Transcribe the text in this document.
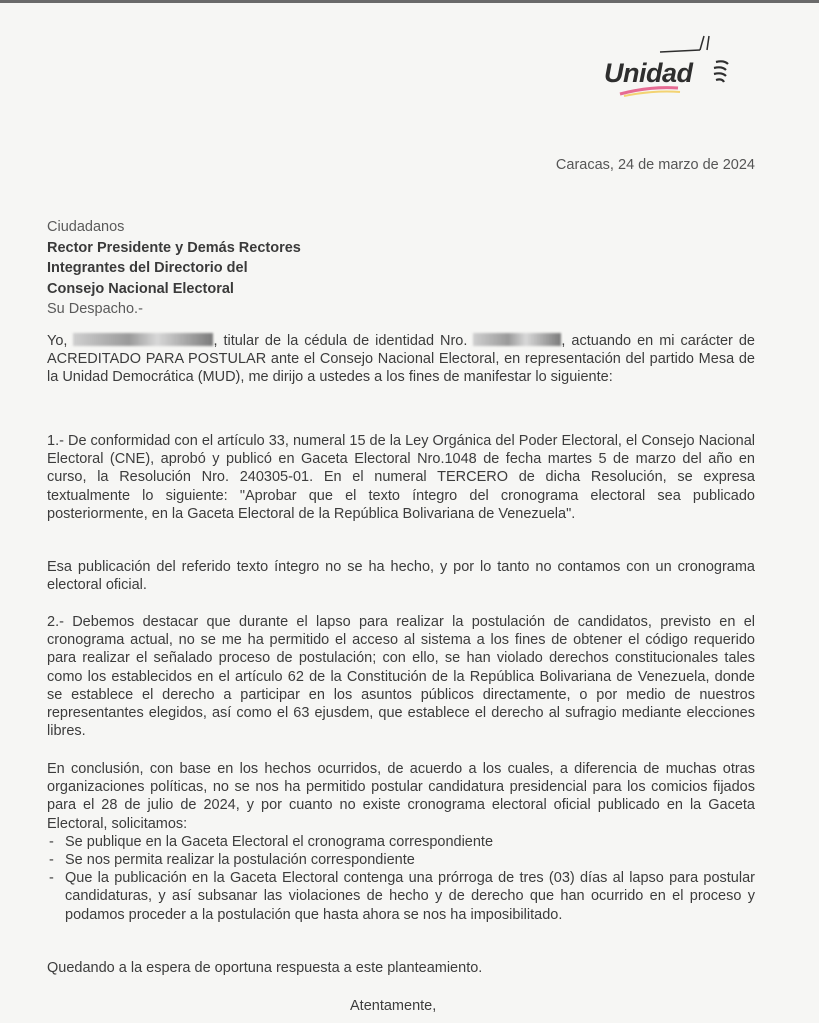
Unidad
Caracas, 24 de marzo de 2024
Ciudadanos
Rector Presidente y Demás Rectores
Integrantes del Directorio del
Consejo Nacional Electoral
Su Despacho.-

Yo,	, titular de la cédula de identidad Nro.	, actuando en mi carácter de ACREDITADO PARA POSTULAR ante el Consejo Nacional Electoral, en representación del partido Mesa de la Unidad Democrática (MUD), me dirijo a ustedes a los fines de manifestar lo siguiente:

1.- De conformidad con el artículo 33, numeral 15 de la Ley Orgánica del Poder Electoral, el Consejo Nacional Electoral (CNE), aprobó y publicó en Gaceta Electoral Nro.1048 de fecha martes 5 de marzo del año en curso, la Resolución Nro. 240305-01. En el numeral TERCERO de dicha Resolución, se expresa textualmente lo siguiente: "Aprobar que el texto íntegro del cronograma electoral sea publicado posteriormente, en la Gaceta Electoral de la República Bolivariana de Venezuela".

Esa publicación del referido texto íntegro no se ha hecho, y por lo tanto no contamos con un cronograma electoral oficial.

2.- Debemos destacar que durante el lapso para realizar la postulación de candidatos, previsto en el cronograma actual, no se me ha permitido el acceso al sistema a los fines de obtener el código requerido para realizar el señalado proceso de postulación; con ello, se han violado derechos constitucionales tales como los establecidos en el artículo 62 de la Constitución de la República Bolivariana de Venezuela, donde se establece el derecho a participar en los asuntos públicos directamente, o por medio de nuestros representantes elegidos, así como el 63 ejusdem, que establece el derecho al sufragio mediante elecciones libres.

En conclusión, con base en los hechos ocurridos, de acuerdo a los cuales, a diferencia de muchas otras organizaciones políticas, no se nos ha permitido postular candidatura presidencial para los comicios fijados para el 28 de julio de 2024, y por cuanto no existe cronograma electoral oficial publicado en la Gaceta Electoral, solicitamos:

- Se publique en la Gaceta Electoral el cronograma correspondiente
- Se nos permita realizar la postulación correspondiente
- Que la publicación en la Gaceta Electoral contenga una prórroga de tres (03) días al lapso para postular candidaturas, y así subsanar las violaciones de hecho y de derecho que han ocurrido en el proceso y podamos proceder a la postulación que hasta ahora se nos ha imposibilitado.
Quedando a la espera de oportuna respuesta a este planteamiento.
Atentamente,
